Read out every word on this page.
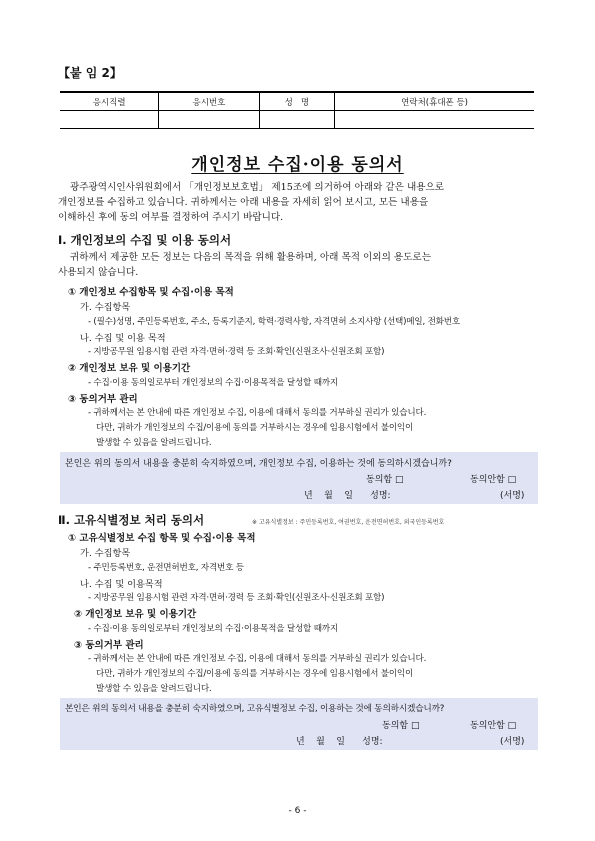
【붙 임 2】
응시직렬	응시번호	성   명	연락처(휴대폰 등)

개인정보 수집·이용 동의서
광주광역시인사위원회에서 「개인정보보호법」 제15조에 의거하여 아래와 같은 내용으로
개인정보를 수집하고 있습니다. 귀하께서는 아래 내용을 자세히 읽어 보시고, 모든 내용을
이해하신 후에 동의 여부를 결정하여 주시기 바랍니다.
Ⅰ. 개인정보의 수집 및 이용 동의서
귀하께서 제공한 모든 정보는 다음의 목적을 위해 활용하며, 아래 목적 이외의 용도로는
사용되지 않습니다.
① 개인정보 수집항목 및 수집·이용 목적
가. 수집항목
- (필수)성명, 주민등록번호, 주소, 등록기준지, 학력·경력사항, 자격면허 소지사항 (선택)메일, 전화번호
나. 수집 및 이용 목적
- 지방공무원 임용시험 관련 자격·면허·경력 등 조회·확인(신원조사·신원조회 포함)
② 개인정보 보유 및 이용기간
- 수집·이용 동의일로부터 개인정보의 수집·이용목적을 달성할 때까지
③ 동의거부 관리
- 귀하께서는 본 안내에 따른 개인정보 수집, 이용에 대해서 동의를 거부하실 권리가 있습니다.
다만, 귀하가 개인정보의 수집/이용에 동의를 거부하시는 경우에 임용시험에서 불이익이
발생할 수 있음을 알려드립니다.
본인은 위의 동의서 내용을 충분히 숙지하였으며, 개인정보 수집, 이용하는 것에 동의하시겠습니까?
동의함 □	동의안함 □
년    월    일      성명:	(서명)
Ⅱ. 고유식별정보 처리 동의서	※ 고유식별정보 : 주민등록번호, 여권번호, 운전면허번호, 외국인등록번호
① 고유식별정보 수집 항목 및 수집·이용 목적
가. 수집항목
- 주민등록번호, 운전면허번호, 자격번호 등
나. 수집 및 이용목적
- 지방공무원 임용시험 관련 자격·면허·경력 등 조회·확인(신원조사·신원조회 포함)
② 개인정보 보유 및 이용기간
- 수집·이용 동의일로부터 개인정보의 수집·이용목적을 달성할 때까지
③ 동의거부 관리
- 귀하께서는 본 안내에 따른 개인정보 수집, 이용에 대해서 동의를 거부하실 권리가 있습니다.
다만, 귀하가 개인정보의 수집/이용에 동의를 거부하시는 경우에 임용시험에서 불이익이
발생할 수 있음을 알려드립니다.
본인은 위의 동의서 내용을 충분히 숙지하였으며, 고유식별정보 수집, 이용하는 것에 동의하시겠습니까?
동의함 □	동의안함 □
년    월    일      성명:	(서명)
- 6 -
